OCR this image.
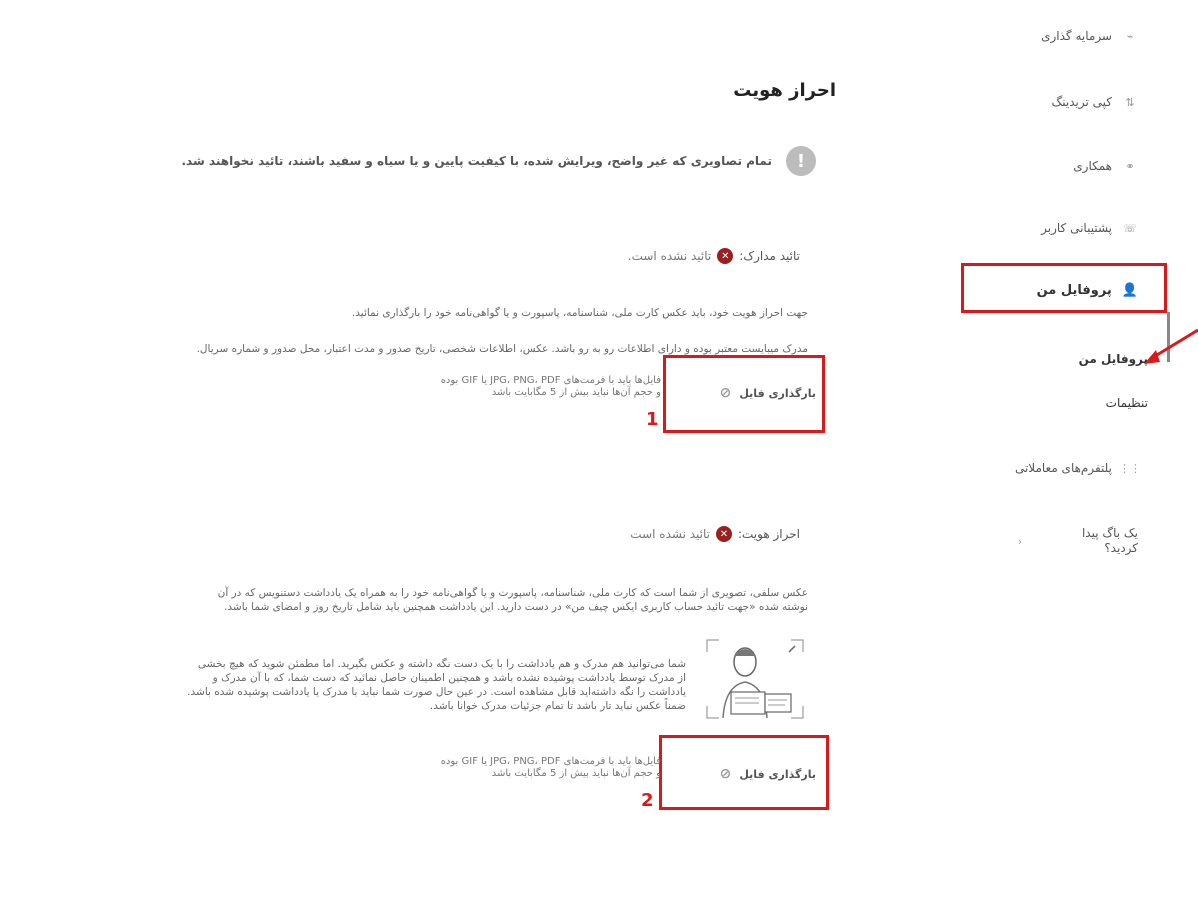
⌁
سرمایه گذاری
⇅
کپی تریدینگ
⚭
همکاری
☏
پشتیبانی کاربر
👤
پروفایل من
پروفایل من
تنظیمات
⋮⋮
پلتفرم‌های معاملاتی
یک باگ پیدا کردید؟
‹
احراز هویت
!
تمام تصاویری که غیر واضح، ویرایش شده، با کیفیت پایین و یا سیاه و سفید باشند، تائید نخواهند شد.
تائید مدارک:
✕
تائید نشده است.
جهت احراز هویت خود، باید عکس کارت ملی، شناسنامه، پاسپورت و یا گواهی‌نامه خود را بارگذاری نمائید.
مدرک میبایست معتبر بوده و دارای اطلاعات رو به رو باشد. عکس، اطلاعات شخصی، تاریخ صدور و مدت اعتبار، محل صدور و شماره سریال.
بارگذاری فایل
⊘
فایل‌ها باید با فرمت‌های JPG، PNG، PDF یا GIF بوده
و حجم آن‌ها نباید بیش از 5 مگابایت باشد
1
احراز هویت:
✕
تائید نشده است
عکس سلفی، تصویری از شما است که کارت ملی، شناسنامه، پاسپورت و یا گواهی‌نامه خود را به همراه یک یادداشت دستنویس که در آن
نوشته شده «جهت تائید حساب کاربری ایکس چیف من» در دست دارید. این یادداشت همچنین باید شامل تاریخ روز و امضای شما باشد.
شما می‌توانید هم مدرک و هم یادداشت را با یک دست نگه داشته و عکس بگیرید. اما مطمئن شوید که هیچ بخشی
از مدرک توسط یادداشت پوشیده نشده باشد و همچنین اطمینان حاصل نمائید که دست شما، که با آن مدرک و
یادداشت را نگه داشته‌اید قابل مشاهده است. در عین حال صورت شما نباید با مدرک یا یادداشت پوشیده شده باشد.
ضمناً عکس نباید تار باشد تا تمام جزئیات مدرک خوانا باشد.
بارگذاری فایل
⊘
فایل‌ها باید با فرمت‌های JPG، PNG، PDF یا GIF بوده
و حجم آن‌ها نباید بیش از 5 مگابایت باشد
2
